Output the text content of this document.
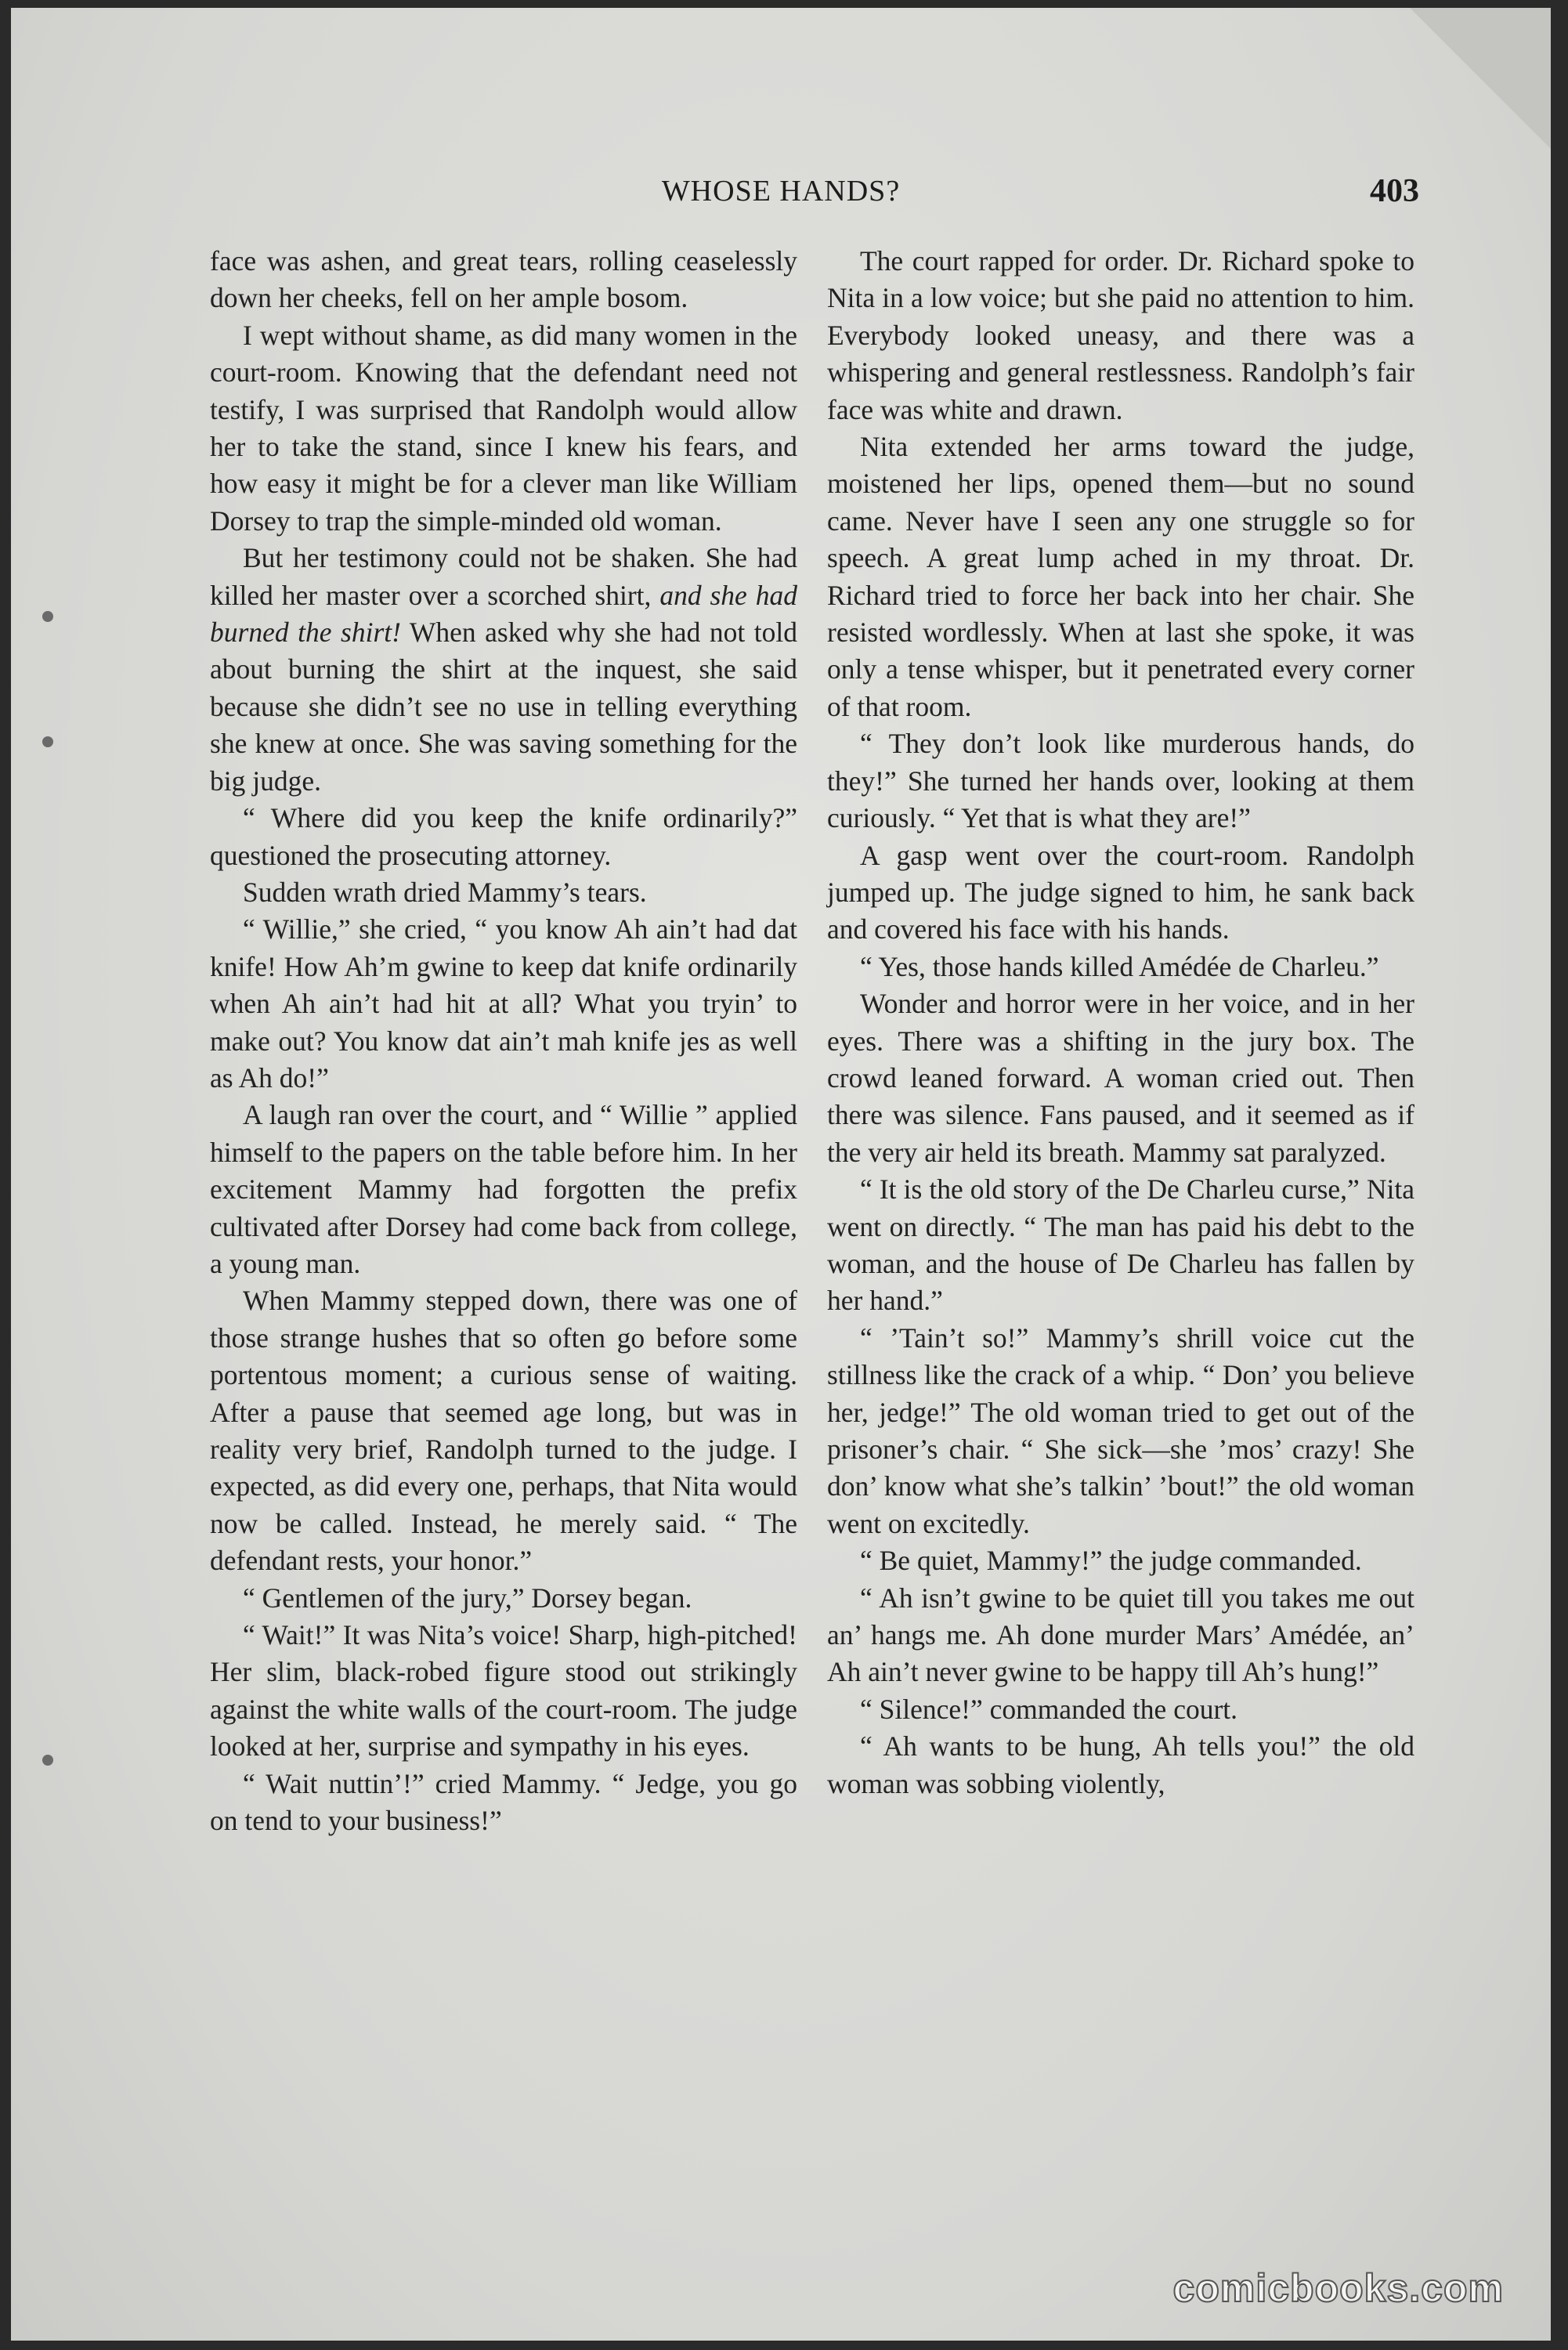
WHOSE HANDS?	403

face was ashen, and great tears, rolling ceaselessly down her cheeks, fell on her ample bosom.

I wept without shame, as did many women in the court-room. Knowing that the defendant need not testify, I was surprised that Randolph would allow her to take the stand, since I knew his fears, and how easy it might be for a clever man like William Dorsey to trap the simple-minded old woman.

But her testimony could not be shaken. She had killed her master over a scorched shirt, and she had burned the shirt! When asked why she had not told about burning the shirt at the inquest, she said because she didn’t see no use in telling everything she knew at once. She was saving something for the big judge.

“ Where did you keep the knife ordinarily?” questioned the prosecuting attorney.

Sudden wrath dried Mammy’s tears.

“ Willie,” she cried, “ you know Ah ain’t had dat knife! How Ah’m gwine to keep dat knife ordinarily when Ah ain’t had hit at all? What you tryin’ to make out? You know dat ain’t mah knife jes as well as Ah do!”

A laugh ran over the court, and “ Willie ” applied himself to the papers on the table before him. In her excitement Mammy had forgotten the prefix cultivated after Dorsey had come back from college, a young man.

When Mammy stepped down, there was one of those strange hushes that so often go before some portentous moment; a curious sense of waiting. After a pause that seemed age long, but was in reality very brief, Randolph turned to the judge. I expected, as did every one, perhaps, that Nita would now be called. Instead, he merely said. “ The defendant rests, your honor.”

“ Gentlemen of the jury,” Dorsey began.

“ Wait!” It was Nita’s voice! Sharp, high-pitched! Her slim, black-robed figure stood out strikingly against the white walls of the court-room. The judge looked at her, surprise and sympathy in his eyes.

“ Wait nuttin’!” cried Mammy. “ Jedge, you go on tend to your business!”

The court rapped for order. Dr. Richard spoke to Nita in a low voice; but she paid no attention to him. Everybody looked uneasy, and there was a whispering and general restlessness. Randolph’s fair face was white and drawn.

Nita extended her arms toward the judge, moistened her lips, opened them—but no sound came. Never have I seen any one struggle so for speech. A great lump ached in my throat. Dr. Richard tried to force her back into her chair. She resisted wordlessly. When at last she spoke, it was only a tense whisper, but it penetrated every corner of that room.

“ They don’t look like murderous hands, do they!” She turned her hands over, looking at them curiously. “ Yet that is what they are!”

A gasp went over the court-room. Randolph jumped up. The judge signed to him, he sank back and covered his face with his hands.

“ Yes, those hands killed Amédée de Charleu.”

Wonder and horror were in her voice, and in her eyes. There was a shifting in the jury box. The crowd leaned forward. A woman cried out. Then there was silence. Fans paused, and it seemed as if the very air held its breath. Mammy sat paralyzed.

“ It is the old story of the De Charleu curse,” Nita went on directly. “ The man has paid his debt to the woman, and the house of De Charleu has fallen by her hand.”

“ ’Tain’t so!” Mammy’s shrill voice cut the stillness like the crack of a whip. “ Don’ you believe her, jedge!” The old woman tried to get out of the prisoner’s chair. “ She sick—she ’mos’ crazy! She don’ know what she’s talkin’ ’bout!” the old woman went on excitedly.

“ Be quiet, Mammy!” the judge commanded.

“ Ah isn’t gwine to be quiet till you takes me out an’ hangs me. Ah done murder Mars’ Amédée, an’ Ah ain’t never gwine to be happy till Ah’s hung!”

“ Silence!” commanded the court.

“ Ah wants to be hung, Ah tells you!” the old woman was sobbing violently,

comicbooks.com
